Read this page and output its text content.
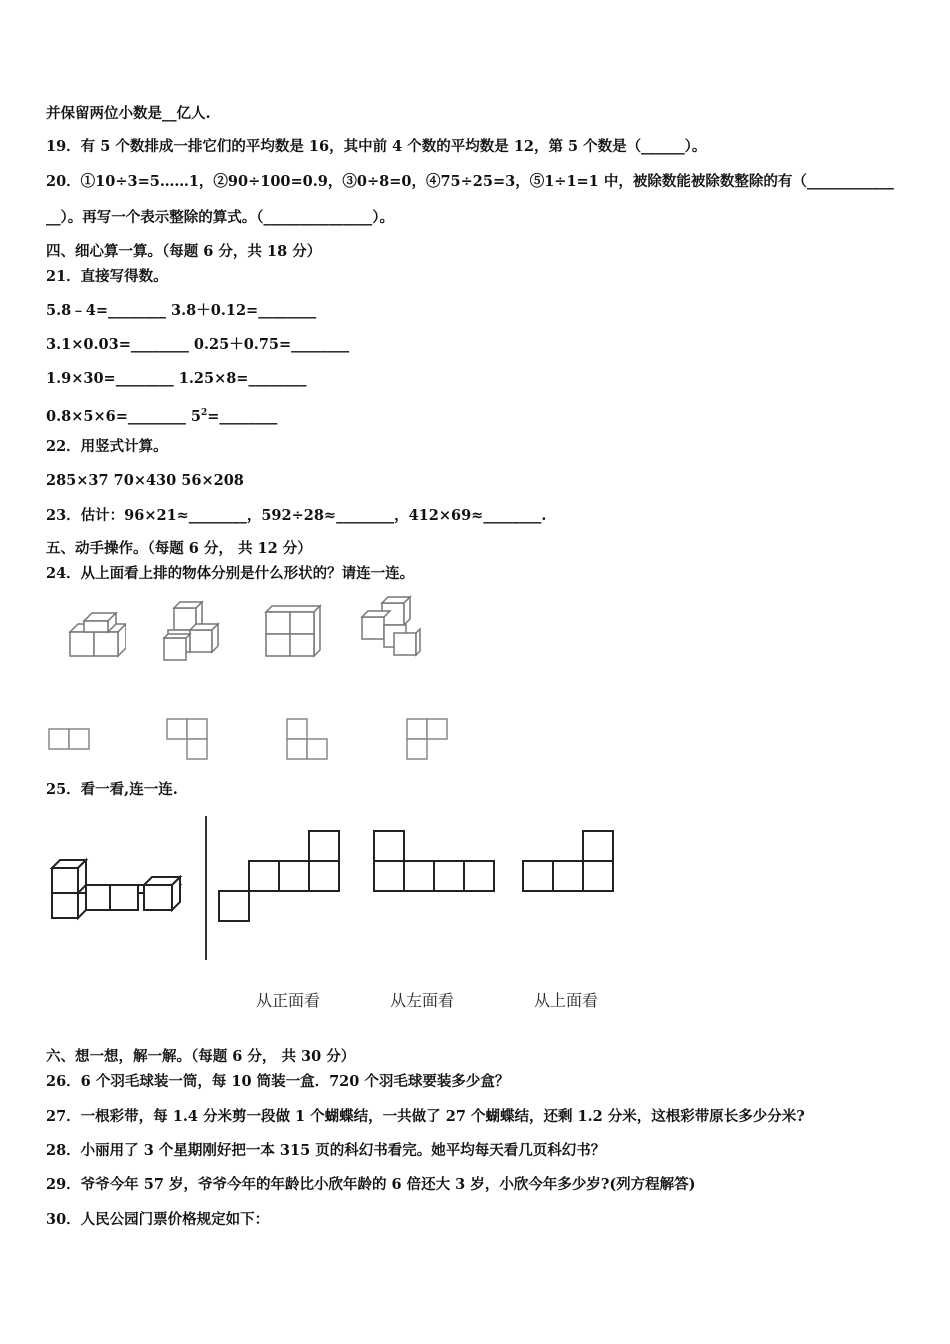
并保留两位小数是__亿人.
19．有 5 个数排成一排它们的平均数是 16，其中前 4 个数的平均数是 12，第 5 个数是（______）。
20．①10÷3=5……1，②90÷100=0.9，③0÷8=0，④75÷25=3，⑤1÷1=1 中，被除数能被除数整除的有（____________
__）。再写一个表示整除的算式。（_______________）。
四、细心算一算。（每题 6 分，共 18 分）
21．直接写得数。
5.8﹣4=________ 3.8＋0.12=________
3.1×0.03=________ 0.25＋0.75=________
1.9×30=________ 1.25×8=________
0.8×5×6=________ $5^2=\_\_\_\_\_\_\_\_$
22．用竖式计算。
285×37 70×430 56×208
23．估计：96×21≈________，592÷28≈________，412×69≈________.
五、动手操作。（每题 6 分， 共 12 分）
24．从上面看上排的物体分别是什么形状的？请连一连。
25．看一看,连一连.
从正面看	从左面看	从上面看
六、想一想，解一解。（每题 6 分， 共 30 分）
26．6 个羽毛球装一筒，每 10 筒装一盒．720 个羽毛球要装多少盒？
27．一根彩带，每 1.4 分米剪一段做 1 个蝴蝶结，一共做了 27 个蝴蝶结，还剩 1.2 分米，这根彩带原长多少分米?
28．小丽用了 3 个星期刚好把一本 315 页的科幻书看完。她平均每天看几页科幻书？
29．爷爷今年 57 岁，爷爷今年的年龄比小欣年龄的 6 倍还大 3 岁，小欣今年多少岁?(列方程解答)
30．人民公园门票价格规定如下：
